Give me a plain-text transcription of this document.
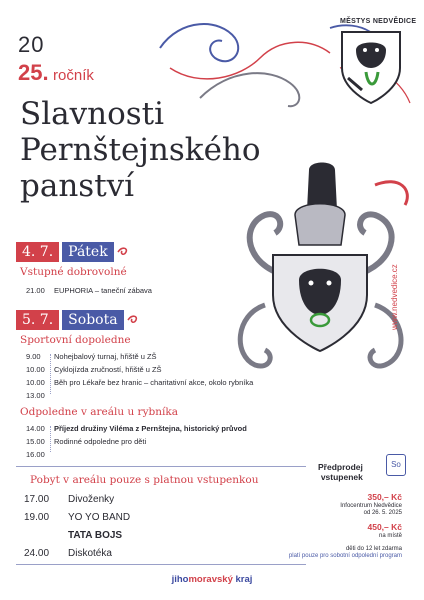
20
25. ročník
Slavnosti
Pernštejnského
panství
MĚSTYS NEDVĚDICE
4. 7.	Pátek
Vstupné dobrovolné
21.00	EUPHORIA – taneční zábava
5. 7.	Sobota
Sportovní dopoledne
9.00	Nohejbalový turnaj, hřiště u ZŠ
10.00	Cyklojízda zručností, hřiště u ZŠ
10.00	Běh pro Lékaře bez hranic – charitativní akce, okolo rybníka
13.00
Odpoledne v areálu u rybníka
14.00	Příjezd družiny Viléma z Pernštejna, historický průvod
15.00	Rodinné odpoledne pro děti
16.00
Pobyt v areálu pouze s platnou vstupenkou
17.00	Divoženky
19.00	YO YO BAND
TATA BOJS
24.00	Diskotéka
www.nedvedice.cz
Předprodej
vstupenek
So
350,– Kč
Infocentrum Nedvědice
od 26. 5. 2025
450,– Kč
na místě
děti do 12 let zdarma
platí pouze pro sobotní odpolední program
jihomoravský kraj
